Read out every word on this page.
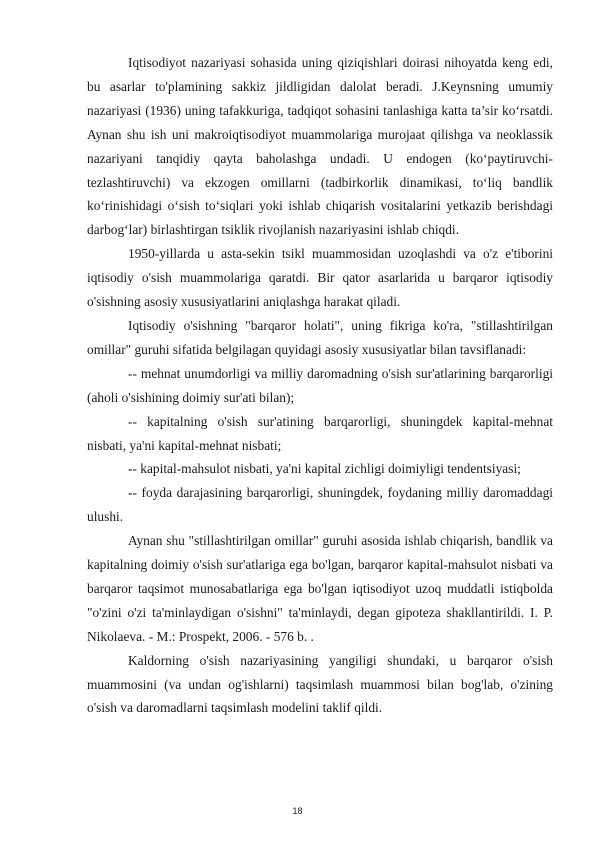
Iqtisodiyot nazariyasi sohasida uning qiziqishlari doirasi nihoyatda keng edi, bu asarlar to'plamining sakkiz jildligidan dalolat beradi. J.Keynsning umumiy nazariyasi (1936) uning tafakkuriga, tadqiqot sohasini tanlashiga katta ta’sir ko‘rsatdi. Aynan shu ish uni makroiqtisodiyot muammolariga murojaat qilishga va neoklassik nazariyani tanqidiy qayta baholashga undadi. U endogen (ko‘paytiruvchi-tezlashtiruvchi) va ekzogen omillarni (tadbirkorlik dinamikasi, to‘liq bandlik ko‘rinishidagi o‘sish to‘siqlari yoki ishlab chiqarish vositalarini yetkazib berishdagi darbog‘lar) birlashtirgan tsiklik rivojlanish nazariyasini ishlab chiqdi.

1950-yillarda u asta-sekin tsikl muammosidan uzoqlashdi va o'z e'tiborini iqtisodiy o'sish muammolariga qaratdi. Bir qator asarlarida u barqaror iqtisodiy o'sishning asosiy xususiyatlarini aniqlashga harakat qiladi.

Iqtisodiy o'sishning "barqaror holati", uning fikriga ko'ra, "stillashtirilgan omillar" guruhi sifatida belgilagan quyidagi asosiy xususiyatlar bilan tavsiflanadi:

-- mehnat unumdorligi va milliy daromadning o'sish sur'atlarining barqarorligi (aholi o'sishining doimiy sur'ati bilan);

-- kapitalning o'sish sur'atining barqarorligi, shuningdek kapital-mehnat nisbati, ya'ni kapital-mehnat nisbati;

-- kapital-mahsulot nisbati, ya'ni kapital zichligi doimiyligi tendentsiyasi;

-- foyda darajasining barqarorligi, shuningdek, foydaning milliy daromaddagi ulushi.

Aynan shu "stillashtirilgan omillar" guruhi asosida ishlab chiqarish, bandlik va kapitalning doimiy o'sish sur'atlariga ega bo'lgan, barqaror kapital-mahsulot nisbati va barqaror taqsimot munosabatlariga ega bo'lgan iqtisodiyot uzoq muddatli istiqbolda "o'zini o'zi ta'minlaydigan o'sishni" ta'minlaydi, degan gipoteza shakllantirildi. I. P. Nikolaeva. - M.: Prospekt, 2006. - 576 b. .

Kaldorning o'sish nazariyasining yangiligi shundaki, u barqaror o'sish muammosini (va undan og'ishlarni) taqsimlash muammosi bilan bog'lab, o'zining o'sish va daromadlarni taqsimlash modelini taklif qildi.

18
